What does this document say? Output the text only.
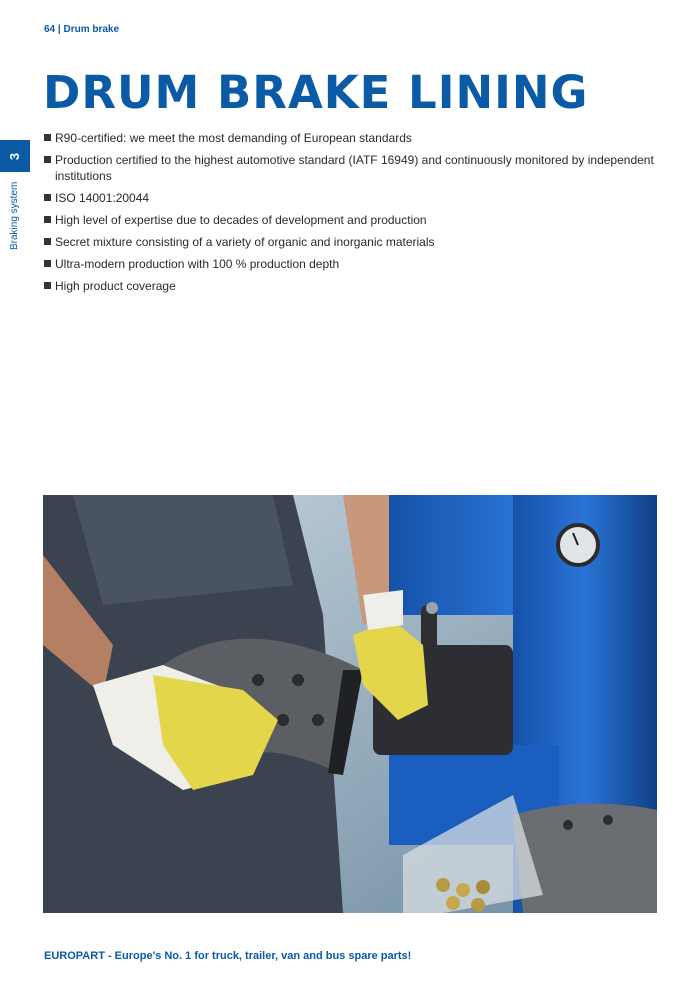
64 | Drum brake
DRUM BRAKE LINING
3
Braking system
R90-certified: we meet the most demanding of European standards
Production certified to the highest automotive standard (IATF 16949) and continuously monitored by independent institutions
ISO 14001:20044
High level of expertise due to decades of development and production
Secret mixture consisting of a variety of organic and inorganic materials
Ultra-modern production with 100 % production depth
High product coverage
EUROPART - Europe's No. 1 for truck, trailer, van and bus spare parts!
